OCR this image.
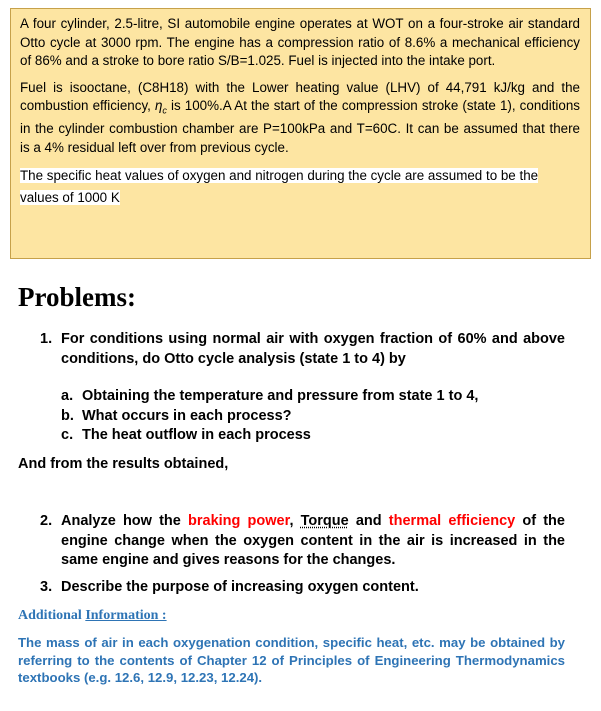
A four cylinder, 2.5-litre, SI automobile engine operates at WOT on a four-stroke air standard Otto cycle at 3000 rpm. The engine has a compression ratio of 8.6% a mechanical efficiency of 86% and a stroke to bore ratio S/B=1.025. Fuel is injected into the intake port.

Fuel is isooctane, (C8H18) with the Lower heating value (LHV) of 44,791 kJ/kg and the combustion efficiency, $\eta_c$ is 100%.A At the start of the compression stroke (state 1), conditions in the cylinder combustion chamber are P=100kPa and T=60C. It can be assumed that there is a 4% residual left over from previous cycle.

The specific heat values of oxygen and nitrogen during the cycle are assumed to be the
values of 1000 K
Problems:
1. For conditions using normal air with oxygen fraction of 60% and above conditions, do Otto cycle analysis (state 1 to 4) by
a. Obtaining the temperature and pressure from state 1 to 4,
b. What occurs in each process?
c. The heat outflow in each process
And from the results obtained,
2. Analyze how the braking power, Torque and thermal efficiency of the engine change when the oxygen content in the air is increased in the same engine and gives reasons for the changes.
3. Describe the purpose of increasing oxygen content.
Additional Information :
The mass of air in each oxygenation condition, specific heat, etc. may be obtained by referring to the contents of Chapter 12 of Principles of Engineering Thermodynamics textbooks (e.g. 12.6, 12.9, 12.23, 12.24).
